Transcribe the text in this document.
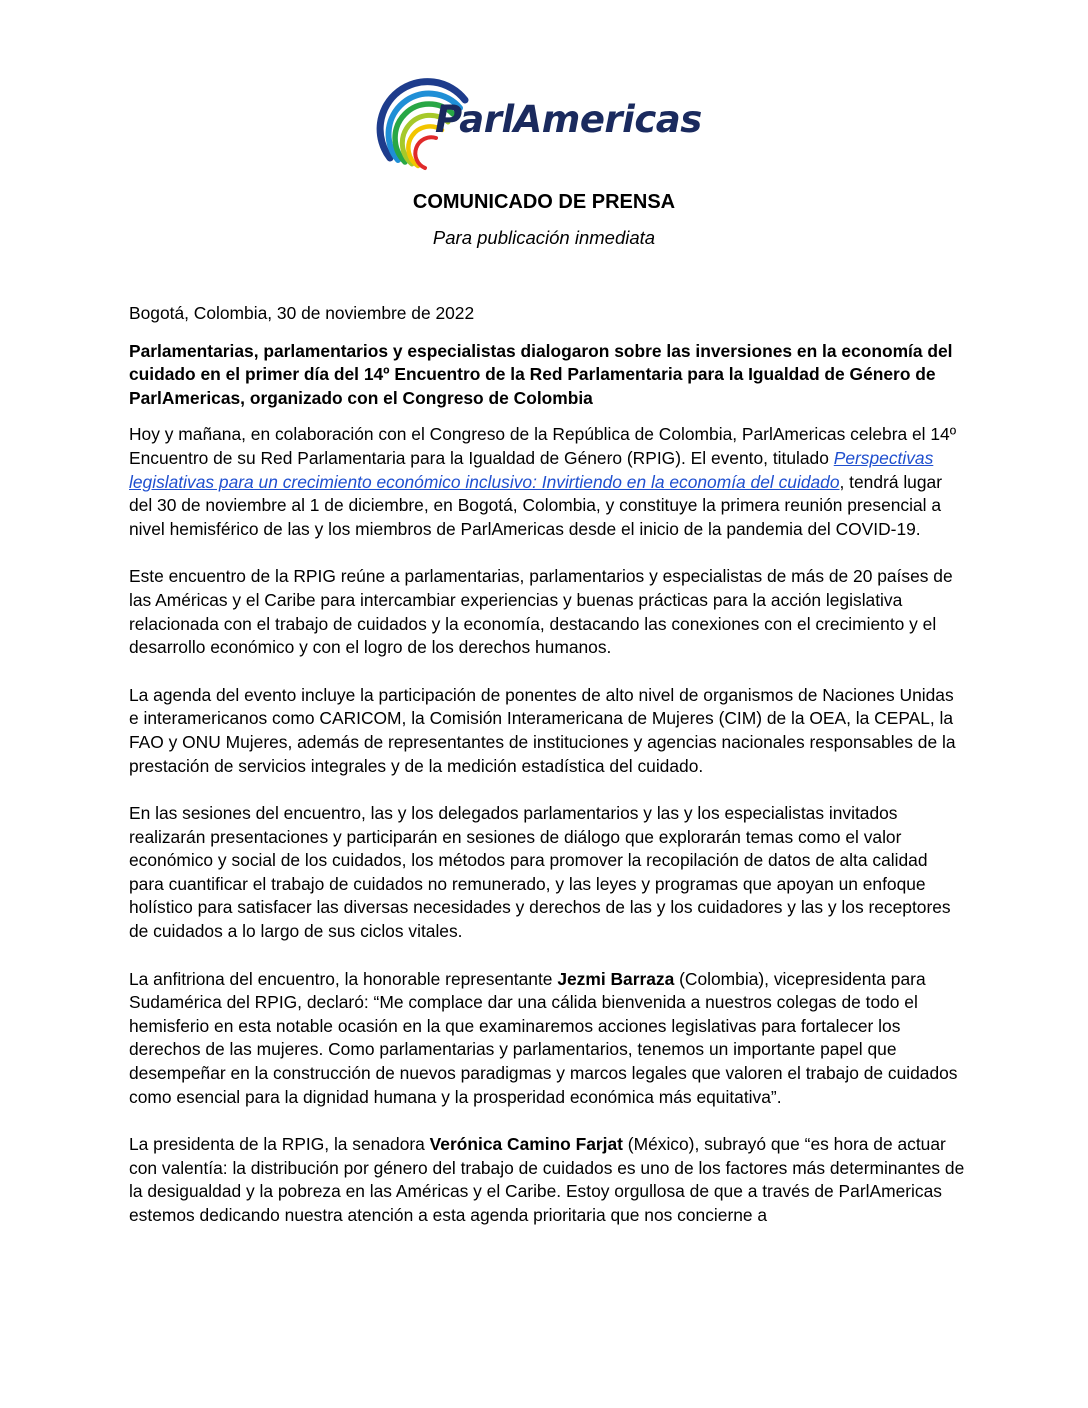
ParlAmericas
COMUNICADO DE PRENSA
Para publicación inmediata

Bogotá, Colombia, 30 de noviembre de 2022

Parlamentarias, parlamentarios y especialistas dialogaron sobre las inversiones en la economía del cuidado en el primer día del 14º Encuentro de la Red Parlamentaria para la Igualdad de Género de ParlAmericas, organizado con el Congreso de Colombia

Hoy y mañana, en colaboración con el Congreso de la República de Colombia, ParlAmericas celebra el 14º Encuentro de su Red Parlamentaria para la Igualdad de Género (RPIG). El evento, titulado Perspectivas legislativas para un crecimiento económico inclusivo: Invirtiendo en la economía del cuidado, tendrá lugar del 30 de noviembre al 1 de diciembre, en Bogotá, Colombia, y constituye la primera reunión presencial a nivel hemisférico de las y los miembros de ParlAmericas desde el inicio de la pandemia del COVID-19.

Este encuentro de la RPIG reúne a parlamentarias, parlamentarios y especialistas de más de 20 países de las Américas y el Caribe para intercambiar experiencias y buenas prácticas para la acción legislativa relacionada con el trabajo de cuidados y la economía, destacando las conexiones con el crecimiento y el desarrollo económico y con el logro de los derechos humanos.

La agenda del evento incluye la participación de ponentes de alto nivel de organismos de Naciones Unidas e interamericanos como CARICOM, la Comisión Interamericana de Mujeres (CIM) de la OEA, la CEPAL, la FAO y ONU Mujeres, además de representantes de instituciones y agencias nacionales responsables de la prestación de servicios integrales y de la medición estadística del cuidado.

En las sesiones del encuentro, las y los delegados parlamentarios y las y los especialistas invitados realizarán presentaciones y participarán en sesiones de diálogo que explorarán temas como el valor económico y social de los cuidados, los métodos para promover la recopilación de datos de alta calidad para cuantificar el trabajo de cuidados no remunerado, y las leyes y programas que apoyan un enfoque holístico para satisfacer las diversas necesidades y derechos de las y los cuidadores y las y los receptores de cuidados a lo largo de sus ciclos vitales.

La anfitriona del encuentro, la honorable representante Jezmi Barraza (Colombia), vicepresidenta para Sudamérica del RPIG, declaró: “Me complace dar una cálida bienvenida a nuestros colegas de todo el hemisferio en esta notable ocasión en la que examinaremos acciones legislativas para fortalecer los derechos de las mujeres. Como parlamentarias y parlamentarios, tenemos un importante papel que desempeñar en la construcción de nuevos paradigmas y marcos legales que valoren el trabajo de cuidados como esencial para la dignidad humana y la prosperidad económica más equitativa”.

La presidenta de la RPIG, la senadora Verónica Camino Farjat (México), subrayó que “es hora de actuar con valentía: la distribución por género del trabajo de cuidados es uno de los factores más determinantes de la desigualdad y la pobreza en las Américas y el Caribe. Estoy orgullosa de que a través de ParlAmericas estemos dedicando nuestra atención a esta agenda prioritaria que nos concierne a
